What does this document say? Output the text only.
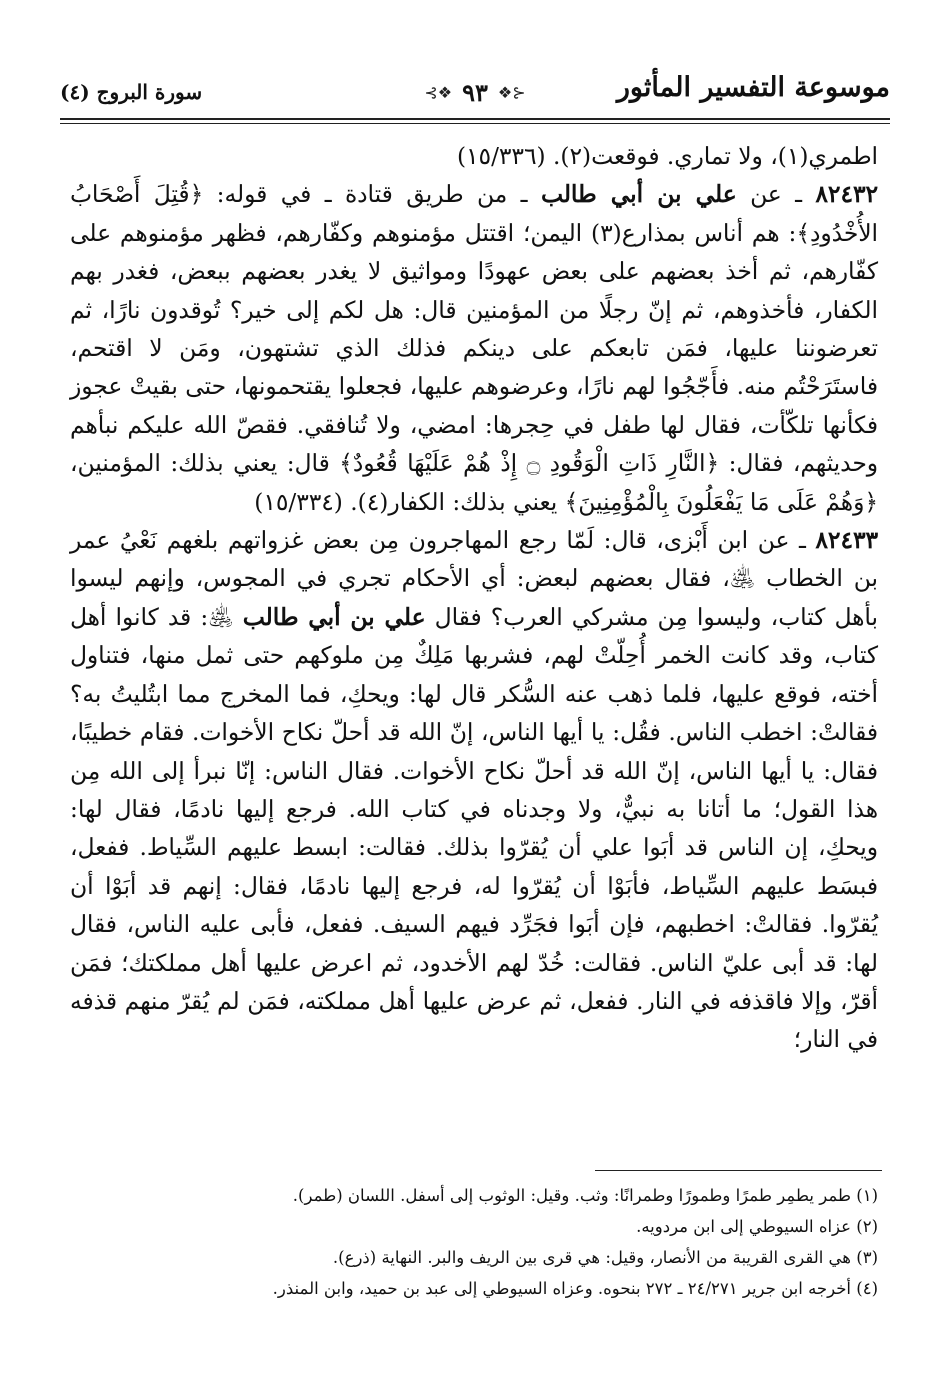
موسوعة التفسير المأثور
⊰❖ ٩٣ ❖⊱
سورة البروج (٤)

اطمري(١)، ولا تماري. فوقعت(٢). (١٥/٣٣٦)

٨٢٤٣٢ ـ عن علي بن أبي طالب ـ من طريق قتادة ـ في قوله: ﴿قُتِلَ أَصْحَابُ الأُخْدُودِ﴾: هم أناس بمذارع(٣) اليمن؛ اقتتل مؤمنوهم وكفّارهم، فظهر مؤمنوهم على كفّارهم، ثم أخذ بعضهم على بعض عهودًا ومواثيق لا يغدر بعضهم ببعض، فغدر بهم الكفار، فأخذوهم، ثم إنّ رجلًا من المؤمنين قال: هل لكم إلى خير؟ تُوقدون نارًا، ثم تعرضوننا عليها، فمَن تابعكم على دينكم فذلك الذي تشتهون، ومَن لا اقتحم، فاستَرَحْتُم منه. فأَجّجُوا لهم نارًا، وعرضوهم عليها، فجعلوا يقتحمونها، حتى بقيتْ عجوز فكأنها تلكّأت، فقال لها طفل في حِجرها: امضي، ولا تُنافقي. فقصّ الله عليكم نبأهم وحديثهم، فقال: ﴿النَّارِ ذَاتِ الْوَقُودِ ۝ إِذْ هُمْ عَلَيْهَا قُعُودٌ﴾ قال: يعني بذلك: المؤمنين، ﴿وَهُمْ عَلَى مَا يَفْعَلُونَ بِالْمُؤْمِنِينَ﴾ يعني بذلك: الكفار(٤). (١٥/٣٣٤)

٨٢٤٣٣ ـ عن ابن أَبْزى، قال: لَمّا رجع المهاجرون مِن بعض غزواتهم بلغهم نَعْيُ عمر بن الخطاب ﵁، فقال بعضهم لبعض: أي الأحكام تجري في المجوس، وإنهم ليسوا بأهل كتاب، وليسوا مِن مشركي العرب؟ فقال علي بن أبي طالب ﵁: قد كانوا أهل كتاب، وقد كانت الخمر أُحِلّتْ لهم، فشربها مَلِكٌ مِن ملوكهم حتى ثمل منها، فتناول أخته، فوقع عليها، فلما ذهب عنه السُّكر قال لها: ويحكِ، فما المخرج مما ابتُليتُ به؟ فقالتْ: اخطب الناس. فقُل: يا أيها الناس، إنّ الله قد أحلّ نكاح الأخوات. فقام خطيبًا، فقال: يا أيها الناس، إنّ الله قد أحلّ نكاح الأخوات. فقال الناس: إنّا نبرأ إلى الله مِن هذا القول؛ ما أتانا به نبيٌّ، ولا وجدناه في كتاب الله. فرجع إليها نادمًا، فقال لها: ويحكِ، إن الناس قد أبَوا علي أن يُقرّوا بذلك. فقالت: ابسط عليهم السِّياط. ففعل، فبسَط عليهم السِّياط، فأبَوْا أن يُقرّوا له، فرجع إليها نادمًا، فقال: إنهم قد أبَوْا أن يُقرّوا. فقالتْ: اخطبهم، فإن أبَوا فجَرِّد فيهم السيف. ففعل، فأبى عليه الناس، فقال لها: قد أبى عليّ الناس. فقالت: خُدّ لهم الأخدود، ثم اعرض عليها أهل مملكتك؛ فمَن أقرّ، وإلا فاقذفه في النار. ففعل، ثم عرض عليها أهل مملكته، فمَن لم يُقرّ منهم قذفه في النار؛

(١) طمر يطمِر طمرًا وطمورًا وطمرانًا: وثب. وقيل: الوثوب إلى أسفل. اللسان (طمر).
(٢) عزاه السيوطي إلى ابن مردويه.
(٣) هي القرى القريبة من الأنصار، وقيل: هي قرى بين الريف والبر. النهاية (ذرع).
(٤) أخرجه ابن جرير ٢٤/٢٧١ ـ ٢٧٢ بنحوه. وعزاه السيوطي إلى عبد بن حميد، وابن المنذر.
